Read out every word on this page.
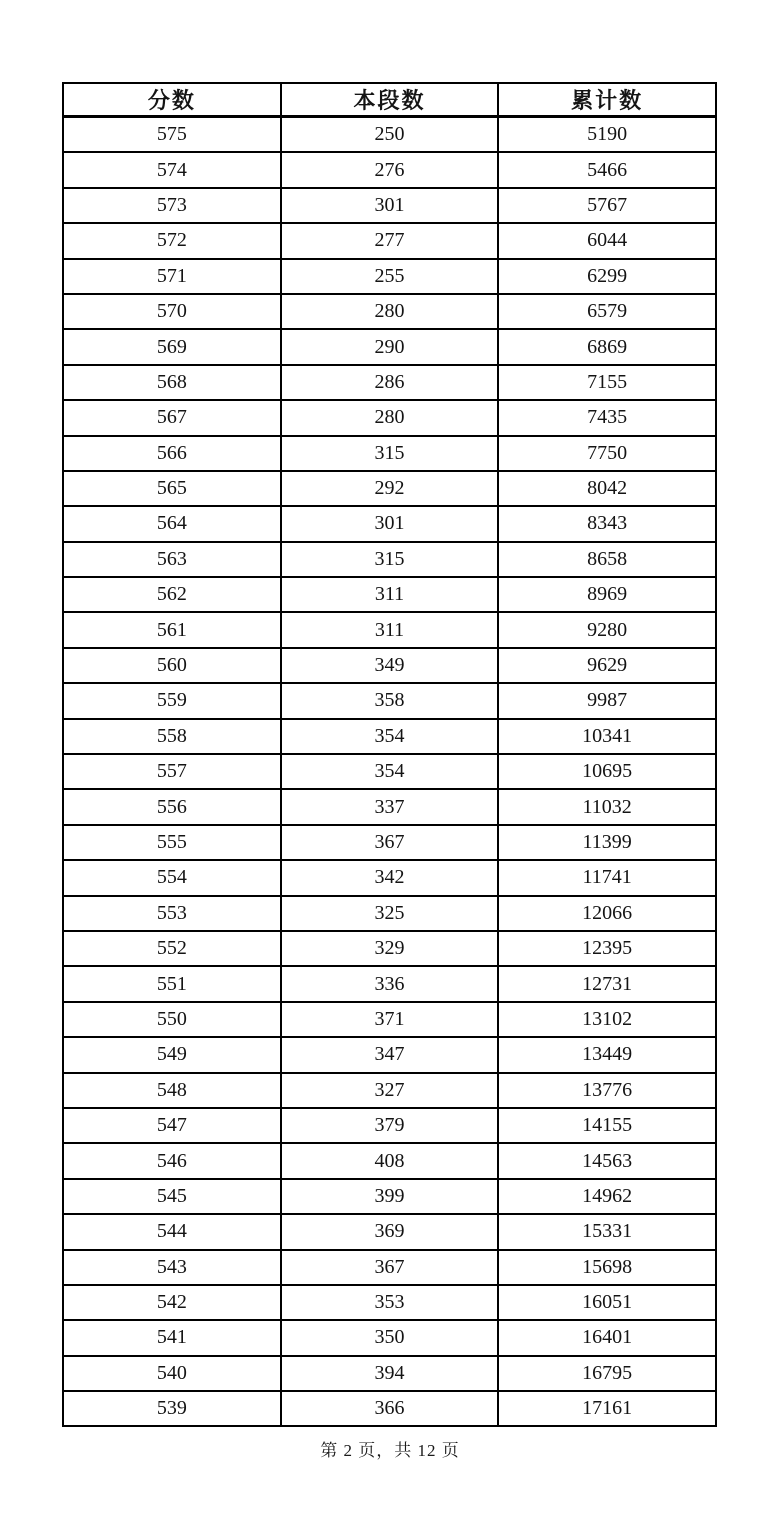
分数	本段数	累计数
575	250	5190
574	276	5466
573	301	5767
572	277	6044
571	255	6299
570	280	6579
569	290	6869
568	286	7155
567	280	7435
566	315	7750
565	292	8042
564	301	8343
563	315	8658
562	311	8969
561	311	9280
560	349	9629
559	358	9987
558	354	10341
557	354	10695
556	337	11032
555	367	11399
554	342	11741
553	325	12066
552	329	12395
551	336	12731
550	371	13102
549	347	13449
548	327	13776
547	379	14155
546	408	14563
545	399	14962
544	369	15331
543	367	15698
542	353	16051
541	350	16401
540	394	16795
539	366	17161
第 2 页，共 12 页
